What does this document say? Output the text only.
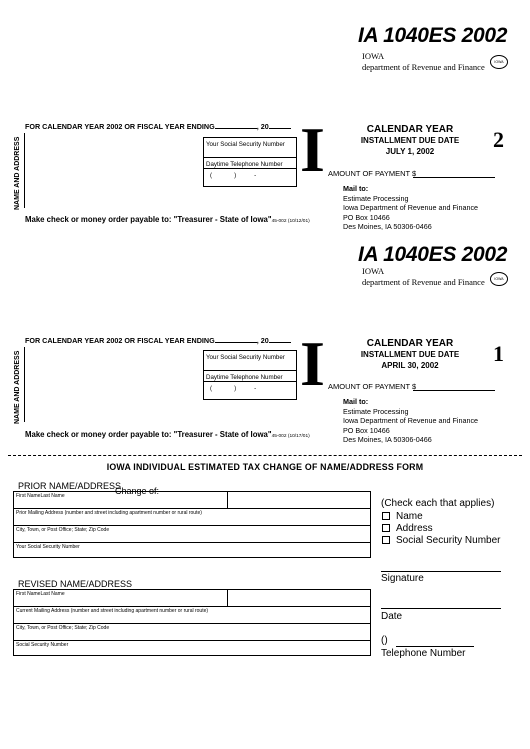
IA 1040ES 2002
IOWA
department of Revenue and Finance	IOWA
FOR CALENDAR YEAR 2002 OR FISCAL YEAR ENDING	, 20
NAME AND ADDRESS	Your Social Security Number
Daytime Telephone Number
(	)	- I	CALENDAR YEAR
INSTALLMENT DUE DATE
JULY 1, 2002	2
AMOUNT OF PAYMENT $
Mail to:
Estimate Processing
Iowa Department of Revenue and Finance
PO Box 10466
Des Moines, IA 50306-0466
Make check or money order payable to: "Treasurer - State of Iowa"45-002 (10/12/01)
IA 1040ES 2002
IOWA
department of Revenue and Finance	IOWA
FOR CALENDAR YEAR 2002 OR FISCAL YEAR ENDING	, 20
NAME AND ADDRESS	Your Social Security Number
Daytime Telephone Number
(	)	- I	CALENDAR YEAR
INSTALLMENT DUE DATE
APRIL 30, 2002	1
AMOUNT OF PAYMENT $
Mail to:
Estimate Processing
Iowa Department of Revenue and Finance
PO Box 10466
Des Moines, IA 50306-0466
Make check or money order payable to: "Treasurer - State of Iowa"45-002 (10/17/01)
IOWA INDIVIDUAL ESTIMATED TAX CHANGE OF NAME/ADDRESS FORM
PRIOR NAME/ADDRESS
Change of:
First NameLast Name
Prior Mailing Address (number and street including apartment number or rural route)
City, Town, or Post Office; State; Zip Code
Your Social Security Number
REVISED NAME/ADDRESS
First NameLast Name
Current Mailing Address (number and street including apartment number or rural route)
City, Town, or Post Office; State; Zip Code
Social Security Number
(Check each that applies)
Name
Address
Social Security Number
Signature
Date
()
Telephone Number
